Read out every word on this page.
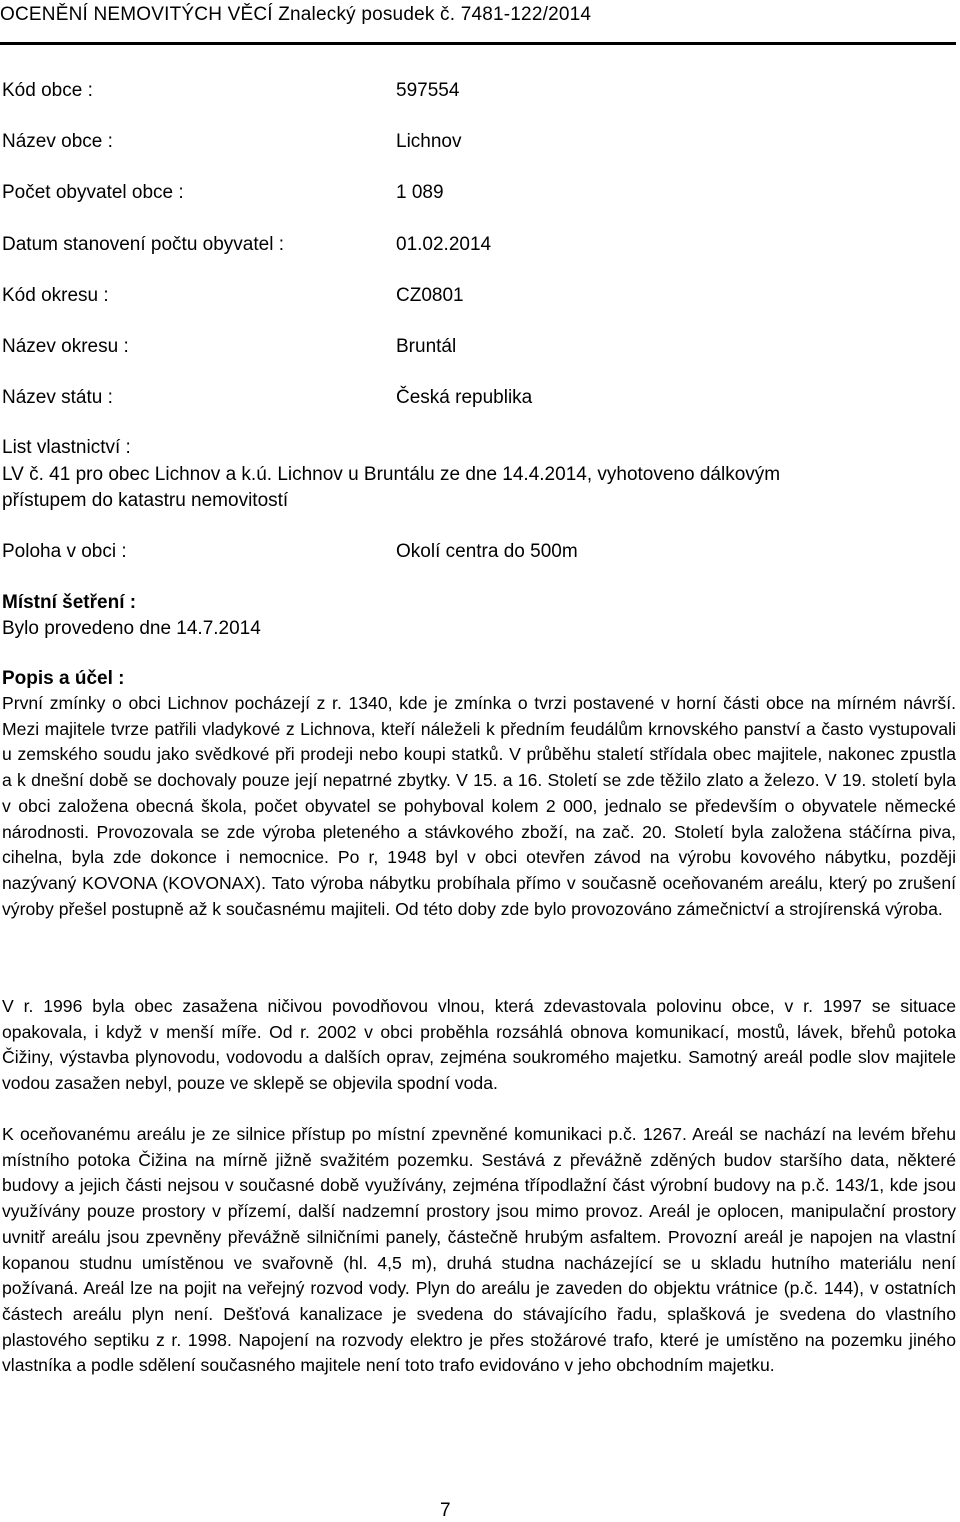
OCENĚNÍ NEMOVITÝCH VĚCÍ Znalecký posudek č. 7481-122/2014
Kód obce :	597554
Název obce :	Lichnov
Počet obyvatel obce :	1 089
Datum stanovení počtu obyvatel :	01.02.2014
Kód okresu :	CZ0801
Název okresu :	Bruntál
Název státu :	Česká republika
List vlastnictví :
LV č. 41 pro obec Lichnov a k.ú. Lichnov u Bruntálu ze dne 14.4.2014, vyhotoveno dálkovým
přístupem do katastru nemovitostí
Poloha v obci :	Okolí centra do 500m
Místní šetření :
Bylo provedeno dne 14.7.2014
Popis a účel :
První zmínky o obci Lichnov pocházejí z r. 1340, kde je zmínka o tvrzi postavené v horní části obce na mírném návrší. Mezi majitele tvrze patřili vladykové z Lichnova, kteří náleželi k předním feudálům krnovského panství a často vystupovali u zemského soudu jako svědkové při prodeji nebo koupi statků. V průběhu staletí střídala obec majitele, nakonec zpustla a k dnešní době se dochovaly pouze její nepatrné zbytky. V 15. a 16. Století se zde těžilo zlato a železo. V 19. století byla v obci založena obecná škola, počet obyvatel se pohyboval kolem 2 000, jednalo se především o obyvatele německé národnosti. Provozovala se zde výroba pleteného a stávkového zboží, na zač. 20. Století byla založena stáčírna piva, cihelna, byla zde dokonce i nemocnice. Po r, 1948 byl v obci otevřen závod na výrobu kovového nábytku, později nazývaný KOVONA (KOVONAX). Tato výroba nábytku probíhala přímo v současně oceňovaném areálu, který po zrušení výroby přešel postupně až k současnému majiteli. Od této doby zde bylo provozováno zámečnictví a strojírenská výroba.
V r. 1996 byla obec zasažena ničivou povodňovou vlnou, která zdevastovala polovinu obce, v r. 1997 se situace opakovala, i když v menší míře. Od r. 2002 v obci proběhla rozsáhlá obnova komunikací, mostů, lávek, břehů potoka Čižiny, výstavba plynovodu, vodovodu a dalších oprav, zejména soukromého majetku. Samotný areál podle slov majitele vodou zasažen nebyl, pouze ve sklepě se objevila spodní voda.
K oceňovanému areálu je ze silnice přístup po místní zpevněné komunikaci p.č. 1267. Areál se nachází na levém břehu místního potoka Čižina na mírně jižně svažitém pozemku. Sestává z převážně zděných budov staršího data, některé budovy a jejich části nejsou v současné době využívány, zejména třípodlažní část výrobní budovy na p.č. 143/1, kde jsou využívány pouze prostory v přízemí, další nadzemní prostory jsou mimo provoz. Areál je oplocen, manipulační prostory uvnitř areálu jsou zpevněny převážně silničními panely, částečně hrubým asfaltem. Provozní areál je napojen na vlastní kopanou studnu umístěnou ve svařovně (hl. 4,5 m), druhá studna nacházející se u skladu hutního materiálu není požívaná. Areál lze na pojit na veřejný rozvod vody. Plyn do areálu je zaveden do objektu vrátnice (p.č. 144), v ostatních částech areálu plyn není. Dešťová kanalizace je svedena do stávajícího řadu, splašková je svedena do vlastního plastového septiku z r. 1998. Napojení na rozvody elektro je přes stožárové trafo, které je umístěno na pozemku jiného vlastníka a podle sdělení současného majitele není toto trafo evidováno v jeho obchodním majetku.
7
